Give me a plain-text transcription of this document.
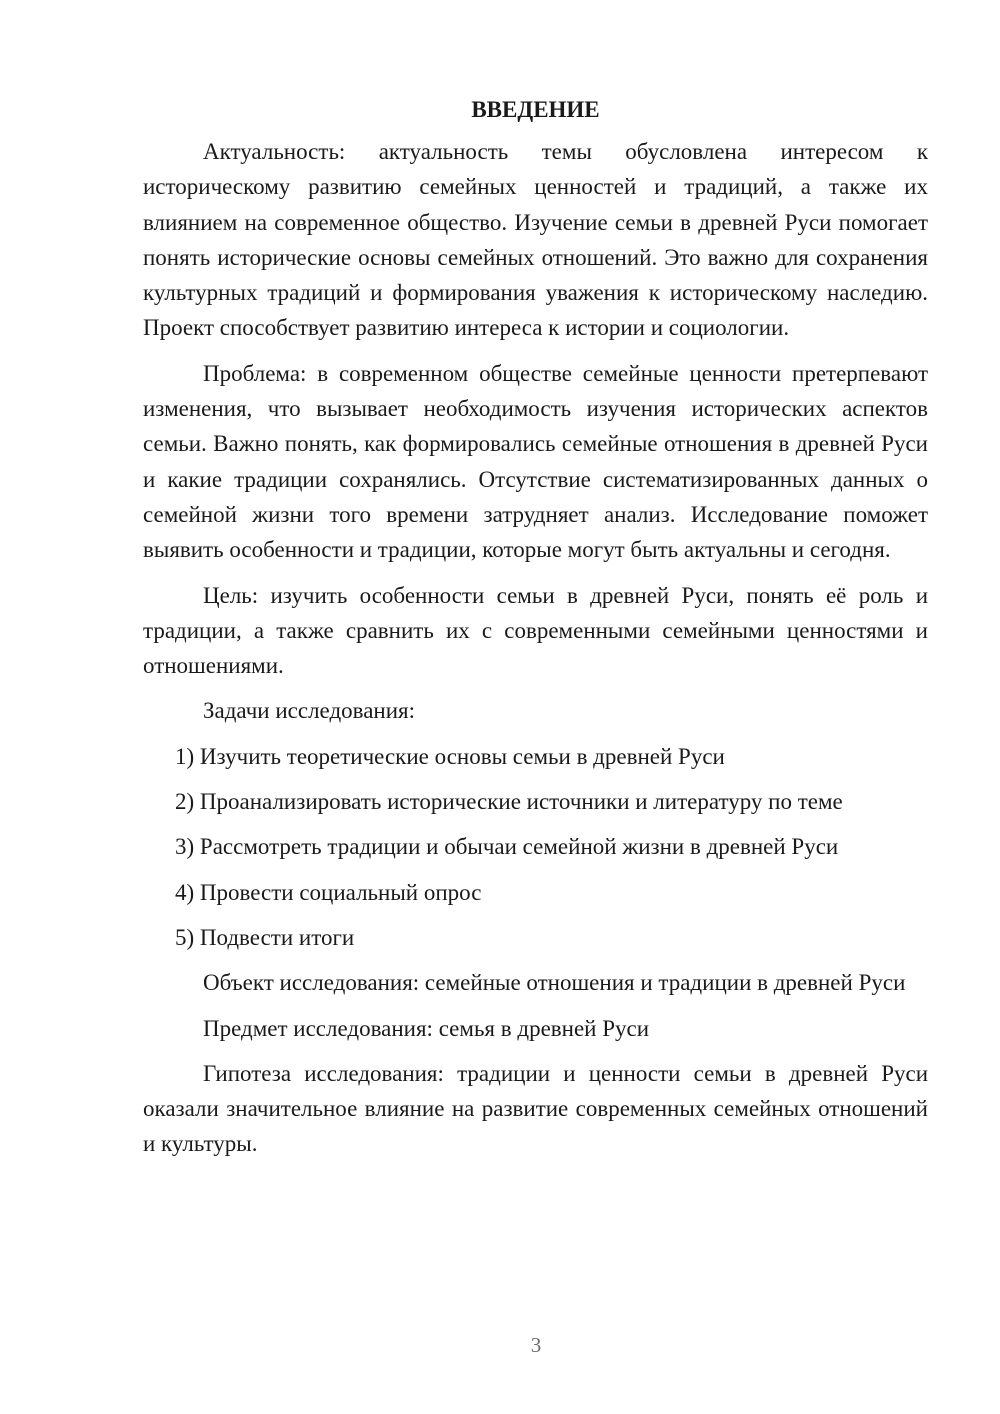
ВВЕДЕНИЕ

Актуальность: актуальность темы обусловлена интересом к историческому развитию семейных ценностей и традиций, а также их влиянием на современное общество. Изучение семьи в древней Руси помогает понять исторические основы семейных отношений. Это важно для сохранения культурных традиций и формирования уважения к историческому наследию. Проект способствует развитию интереса к истории и социологии.

Проблема: в современном обществе семейные ценности претерпевают изменения, что вызывает необходимость изучения исторических аспектов семьи. Важно понять, как формировались семейные отношения в древней Руси и какие традиции сохранялись. Отсутствие систематизированных данных о семейной жизни того времени затрудняет анализ. Исследование поможет выявить особенности и традиции, которые могут быть актуальны и сегодня.

Цель: изучить особенности семьи в древней Руси, понять её роль и традиции, а также сравнить их с современными семейными ценностями и отношениями.

Задачи исследования:

1) Изучить теоретические основы семьи в древней Руси
2) Проанализировать исторические источники и литературу по теме
3) Рассмотреть традиции и обычаи семейной жизни в древней Руси
4) Провести социальный опрос
5) Подвести итоги

Объект исследования: семейные отношения и традиции в древней Руси

Предмет исследования: семья в древней Руси

Гипотеза исследования: традиции и ценности семьи в древней Руси оказали значительное влияние на развитие современных семейных отношений и культуры.

3
